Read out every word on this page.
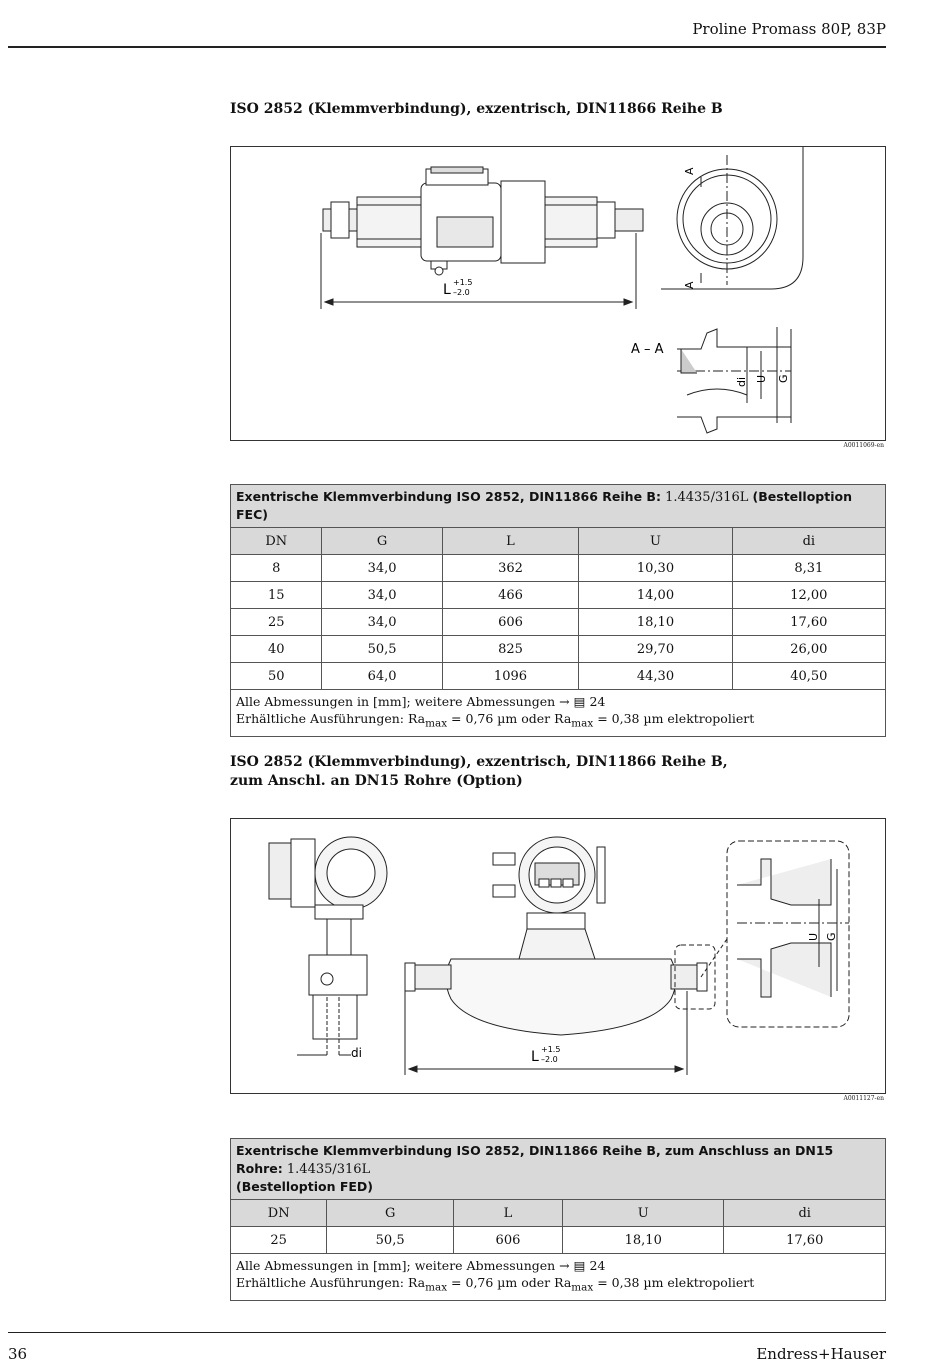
Proline Promass 80P, 83P
ISO 2852 (Klemmverbindung), exzentrisch, DIN11866 Reihe B
L +1.5
–2.0
A
A
A – A
di U G
A0011069-en
Exentrische Klemmverbindung ISO 2852, DIN11866 Reihe B: 1.4435/316L (Bestelloption FEC)				
DN	G	L	U	di
8	34,0	362	10,30	8,31
15	34,0	466	14,00	12,00
25	34,0	606	18,10	17,60
40	50,5	825	29,70	26,00
50	64,0	1096	44,30	40,50
Alle Abmessungen in [mm]; weitere Abmessungen → ▤ 24
Erhältliche Ausführungen: $Ra_{max} = 0,76$ µm oder $Ra_{max} = 0,38$ µm elektropoliert				
ISO 2852 (Klemmverbindung), exzentrisch, DIN11866 Reihe B,
zum Anschl. an DN15 Rohre (Option)
di	L +1.5
–2.0
U G
A0011127-en
Exentrische Klemmverbindung ISO 2852, DIN11866 Reihe B, zum Anschluss an DN15 Rohre: 1.4435/316L
(Bestelloption FED)				
DN	G	L	U	di
25	50,5	606	18,10	17,60
Alle Abmessungen in [mm]; weitere Abmessungen → ▤ 24
Erhältliche Ausführungen: $Ra_{max} = 0,76$ µm oder $Ra_{max} = 0,38$ µm elektropoliert				
36	Endress+Hauser
